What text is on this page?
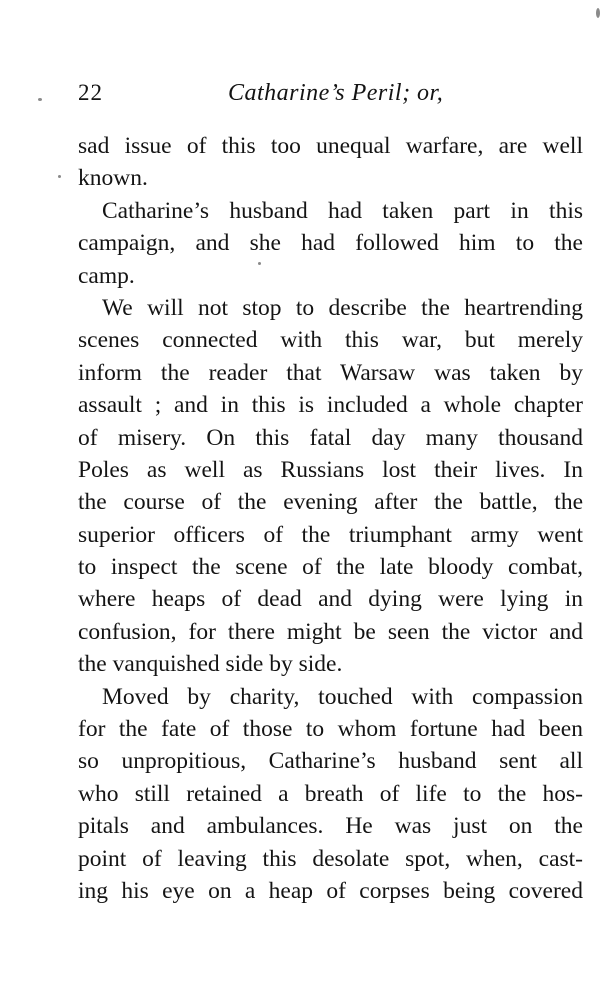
22	Catharine’s Peril; or,
sad issue of this too unequal warfare, are well
known.
Catharine’s husband had taken part in this
campaign, and she had followed him to the
camp.
We will not stop to describe the heartrending
scenes connected with this war, but merely
inform the reader that Warsaw was taken by
assault ; and in this is included a whole chapter
of misery. On this fatal day many thousand
Poles as well as Russians lost their lives. In
the course of the evening after the battle, the
superior officers of the triumphant army went
to inspect the scene of the late bloody combat,
where heaps of dead and dying were lying in
confusion, for there might be seen the victor and
the vanquished side by side.
Moved by charity, touched with compassion
for the fate of those to whom fortune had been
so unpropitious, Catharine’s husband sent all
who still retained a breath of life to the hos-
pitals and ambulances. He was just on the
point of leaving this desolate spot, when, cast-
ing his eye on a heap of corpses being covered
